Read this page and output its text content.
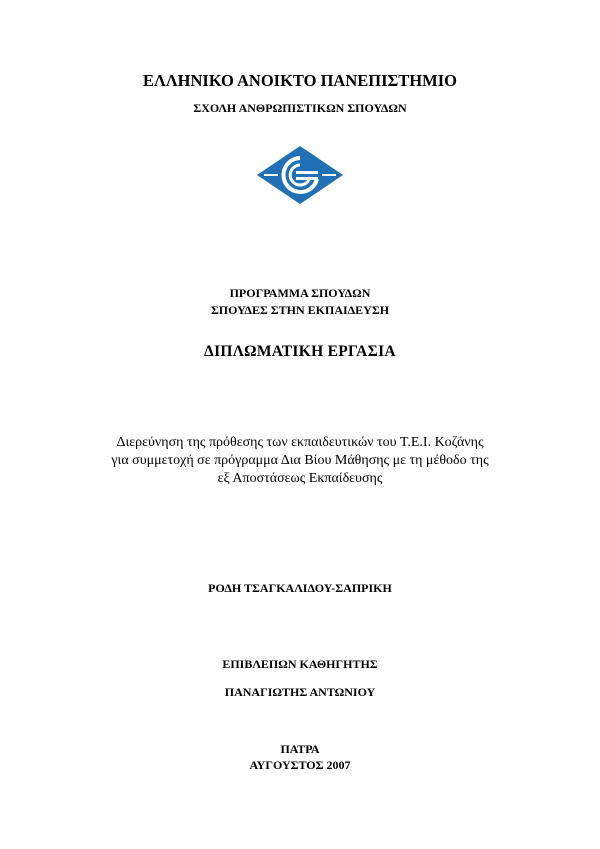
ΕΛΛΗΝΙΚΟ ΑΝΟΙΚΤΟ ΠΑΝΕΠΙΣΤΗΜΙΟ
ΣΧΟΛΗ ΑΝΘΡΩΠΙΣΤΙΚΩΝ ΣΠΟΥΔΩΝ
ΠΡΟΓΡΑΜΜΑ ΣΠΟΥΔΩΝ
ΣΠΟΥΔΕΣ ΣΤΗΝ ΕΚΠΑΙΔΕΥΣΗ
ΔΙΠΛΩΜΑΤΙΚΗ ΕΡΓΑΣΙΑ
Διερεύνηση της πρόθεσης των εκπαιδευτικών του Τ.Ε.Ι. Κοζάνης
για συμμετοχή σε πρόγραμμα Δια Βίου Μάθησης με τη μέθοδο της
εξ Αποστάσεως Εκπαίδευσης
ΡΟΔΗ ΤΣΑΓΚΑΛΙΔΟΥ-ΣΑΠΡΙΚΗ
ΕΠΙΒΛΕΠΩΝ ΚΑΘΗΓΗΤΗΣ
ΠΑΝΑΓΙΩΤΗΣ ΑΝΤΩΝΙΟΥ
ΠΑΤΡΑ
ΑΥΓΟΥΣΤΟΣ 2007
